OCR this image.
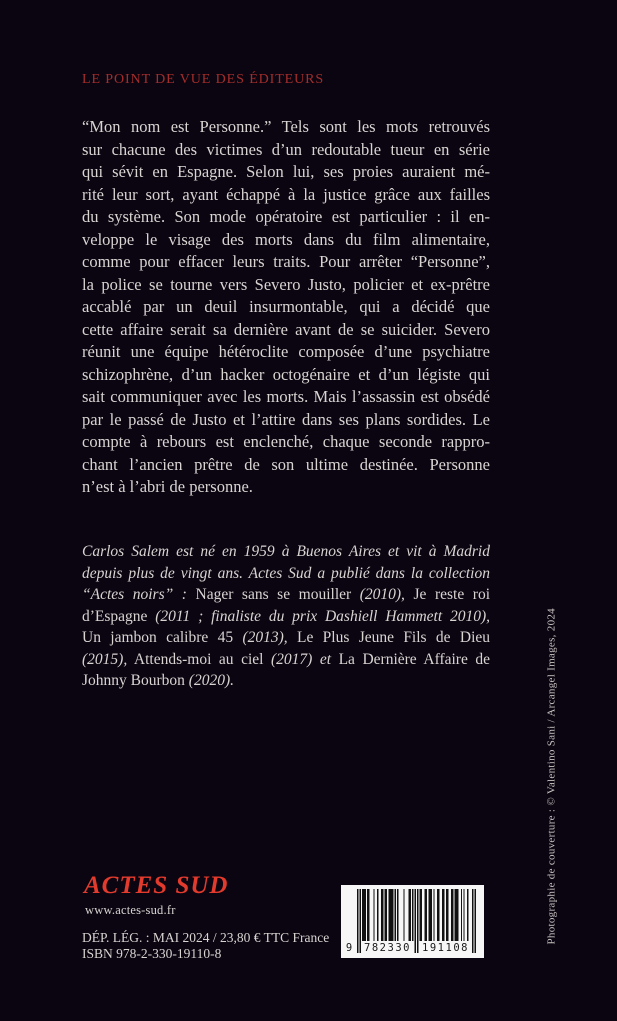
LE POINT DE VUE DES ÉDITEURS
“Mon nom est Personne.” Tels sont les mots retrouvés
sur chacune des victimes d’un redoutable tueur en série
qui sévit en Espagne. Selon lui, ses proies auraient mé-
rité leur sort, ayant échappé à la justice grâce aux failles
du système. Son mode opératoire est particulier : il en-
veloppe le visage des morts dans du film alimentaire,
comme pour effacer leurs traits. Pour arrêter “Personne”,
la police se tourne vers Severo Justo, policier et ex-prêtre
accablé par un deuil insurmontable, qui a décidé que
cette affaire serait sa dernière avant de se suicider. Severo
réunit une équipe hétéroclite composée d’une psychiatre
schizophrène, d’un hacker octogénaire et d’un légiste qui
sait communiquer avec les morts. Mais l’assassin est obsédé
par le passé de Justo et l’attire dans ses plans sordides. Le
compte à rebours est enclenché, chaque seconde rappro-
chant l’ancien prêtre de son ultime destinée. Personne
n’est à l’abri de personne.
Carlos Salem est né en 1959 à Buenos Aires et vit à Madrid
depuis plus de vingt ans. Actes Sud a publié dans la collection
“Actes noirs” : Nager sans se mouiller (2010), Je reste roi
d’Espagne (2011 ; finaliste du prix Dashiell Hammett 2010),
Un jambon calibre 45 (2013), Le Plus Jeune Fils de Dieu
(2015), Attends-moi au ciel (2017) et La Dernière Affaire de
Johnny Bourbon (2020).
ACTES SUD
www.actes-sud.fr
DÉP. LÉG. : MAI 2024 / 23,80 € TTC France
ISBN 978-2-330-19110-8	9 782330 191108
Photographie de couverture : © Valentino Sani / Arcangel Images, 2024
